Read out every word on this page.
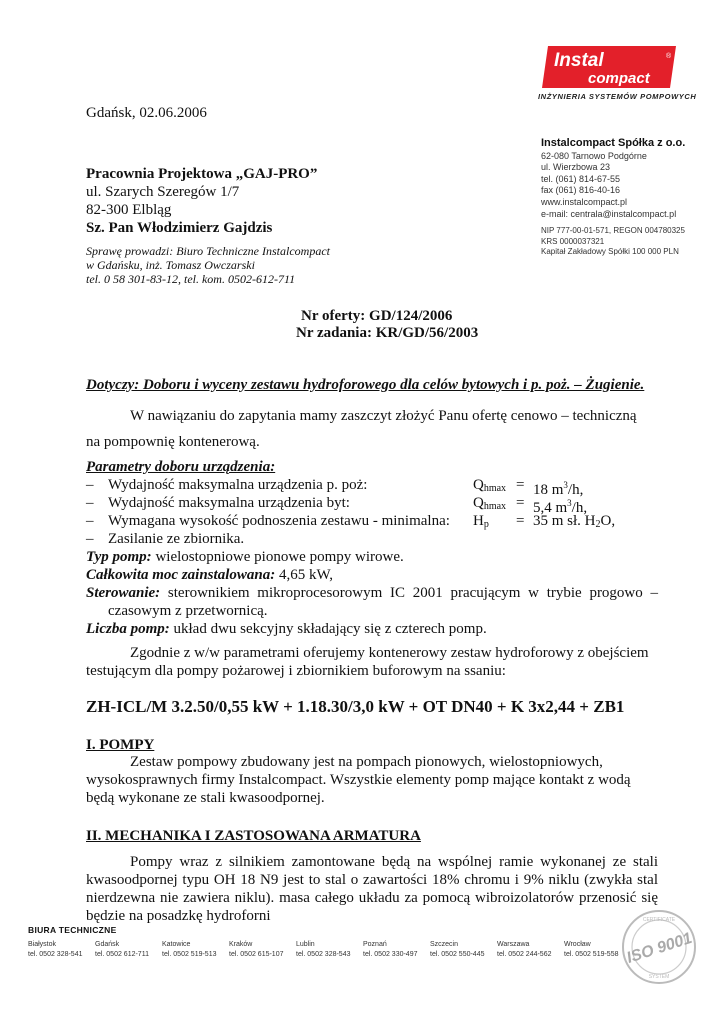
Instal
compact
®
INŻYNIERIA SYSTEMÓW POMPOWYCH
Instalcompact Spółka z o.o.
62-080 Tarnowo Podgórne
ul. Wierzbowa 23
tel. (061) 814-67-55
fax (061) 816-40-16
www.instalcompact.pl
e-mail: centrala@instalcompact.pl
NIP 777-00-01-571, REGON 004780325
KRS 0000037321
Kapitał Zakładowy Spółki 100 000 PLN
Gdańsk, 02.06.2006
Pracownia Projektowa „GAJ-PRO”
ul. Szarych Szeregów 1/7
82-300 Elbląg
Sz. Pan Włodzimierz Gajdzis
Sprawę prowadzi: Biuro Techniczne Instalcompact
w Gdańsku, inż. Tomasz Owczarski
tel. 0 58 301-83-12, tel. kom. 0502-612-711
Nr oferty: GD/124/2006
Nr zadania: KR/GD/56/2003
Dotyczy: Doboru i wyceny zestawu hydroforowego dla celów bytowych i p. poż. – Żugienie.
W nawiązaniu do zapytania mamy zaszczyt złożyć Panu ofertę cenowo – techniczną
na pompownię kontenerową.
Parametry doboru urządzenia:
– Wydajność maksymalna urządzenia p. poż:	$Q_{hmax} = 18$ $m^3/h$,
– Wydajność maksymalna urządzenia byt:	$Q_{hmax} = 5,4$ $m^3/h$,
– Wymagana wysokość podnoszenia zestawu - minimalna: $H_p = 35$ m sł. $H_2O$,
– Zasilanie ze zbiornika.
Typ pomp: wielostopniowe pionowe pompy wirowe.
Całkowita moc zainstalowana: 4,65 kW,
Sterowanie: sterownikiem mikroprocesorowym IC 2001 pracującym w trybie progowo –
czasowym z przetwornicą.
Liczba pomp: układ dwu sekcyjny składający się z czterech pomp.
Zgodnie z w/w parametrami oferujemy kontenerowy zestaw hydroforowy z obejściem
testującym dla pompy pożarowej i zbiornikiem buforowym na ssaniu:
ZH-ICL/M 3.2.50/0,55 kW + 1.18.30/3,0 kW + OT DN40 + K 3x2,44 + ZB1
I. POMPY
Zestaw pompowy zbudowany jest na pompach pionowych, wielostopniowych,
wysokosprawnych firmy Instalcompact. Wszystkie elementy pomp mające kontakt z wodą
będą wykonane ze stali kwasoodpornej.
II. MECHANIKA I ZASTOSOWANA ARMATURA
Pompy wraz z silnikiem zamontowane będą na wspólnej ramie wykonanej ze stali
kwasoodpornej typu OH 18 N9 jest to stal o zawartości 18% chromu i 9% niklu (zwykła stal
nierdzewna nie zawiera niklu). masa całego układu za pomocą wibroizolatorów przenosić się
będzie na posadzkę hydroforni
BIURA TECHNICZNE
Białystok
tel. 0502 328-541
Gdańsk
tel. 0502 612-711
Katowice
tel. 0502 519-513
Kraków
tel. 0502 615-107
Lublin
tel. 0502 328-543
Poznań
tel. 0502 330-497
Szczecin
tel. 0502 550-445
Warszawa
tel. 0502 244-562
Wrocław
tel. 0502 519-558
CERTIFICATE
SYSTEM
ISO 9001
